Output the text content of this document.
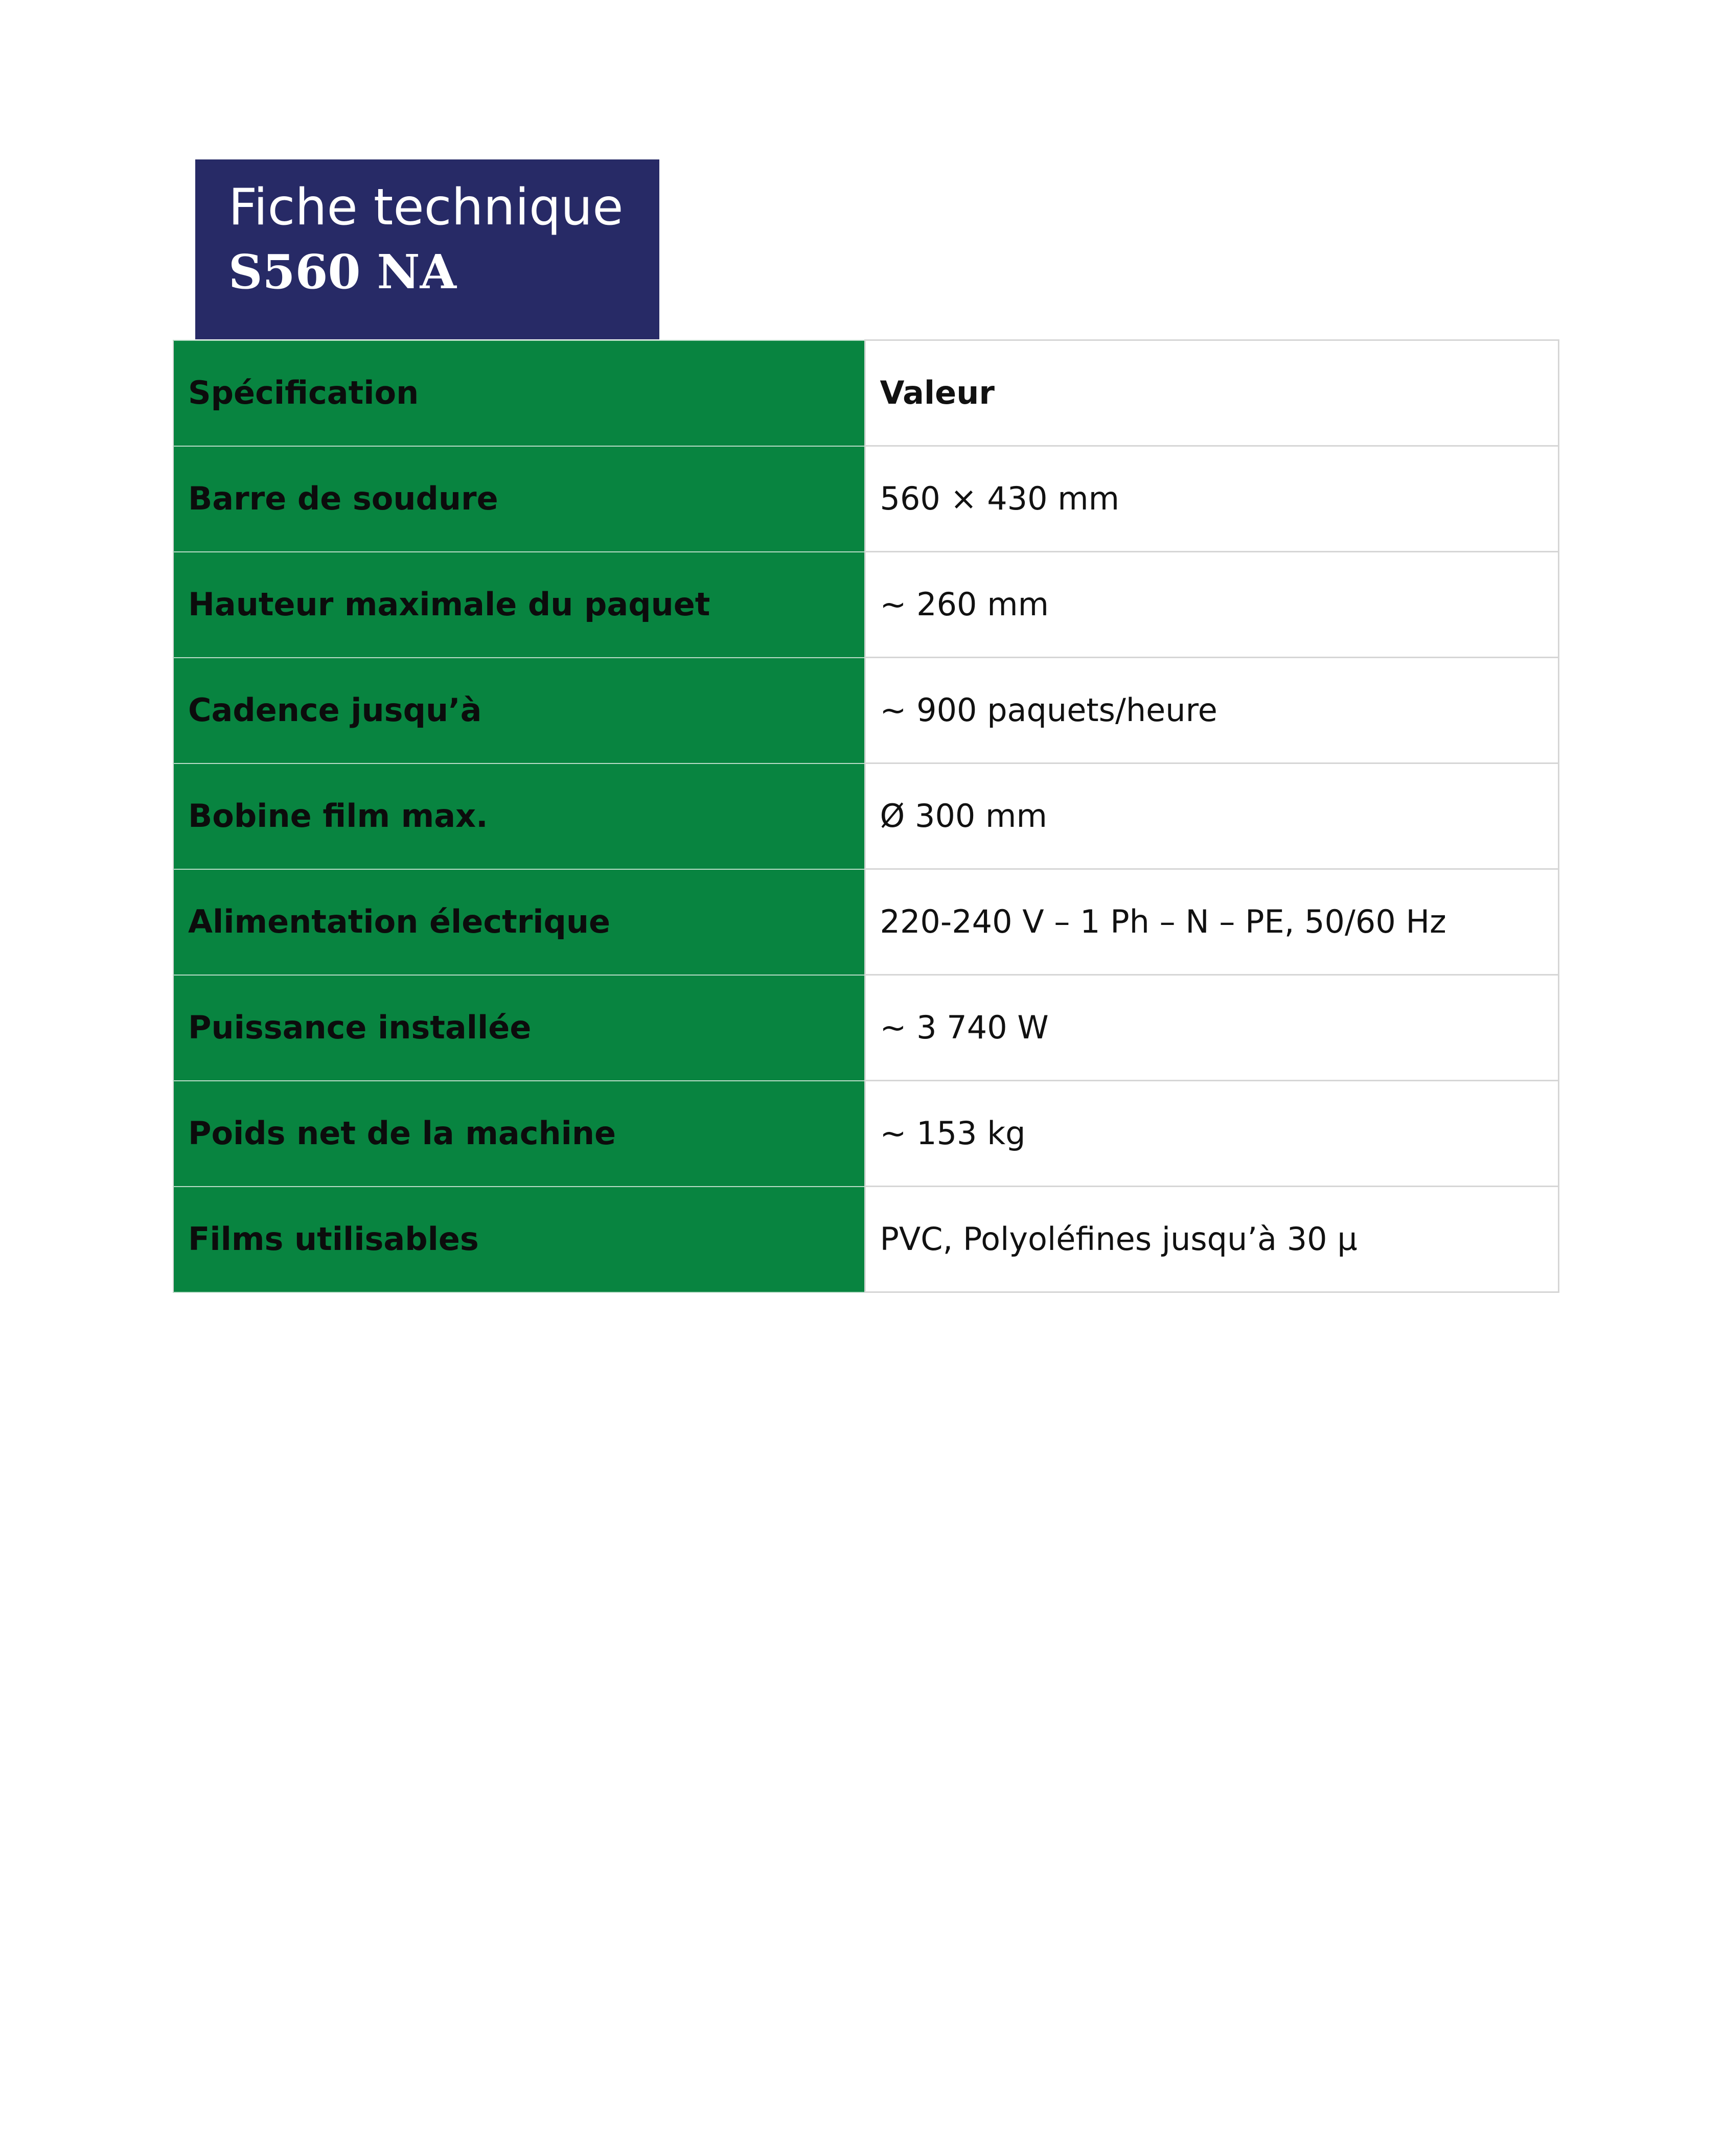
Fiche technique
S560 NA
Spécification	Valeur
Barre de soudure	560 × 430 mm
Hauteur maximale du paquet	~ 260 mm
Cadence jusqu’à	~ 900 paquets/heure
Bobine film max.	Ø 300 mm
Alimentation électrique	220-240 V – 1 Ph – N – PE, 50/60 Hz
Puissance installée	~ 3 740 W
Poids net de la machine	~ 153 kg
Films utilisables	PVC, Polyoléfines jusqu’à 30 µ
